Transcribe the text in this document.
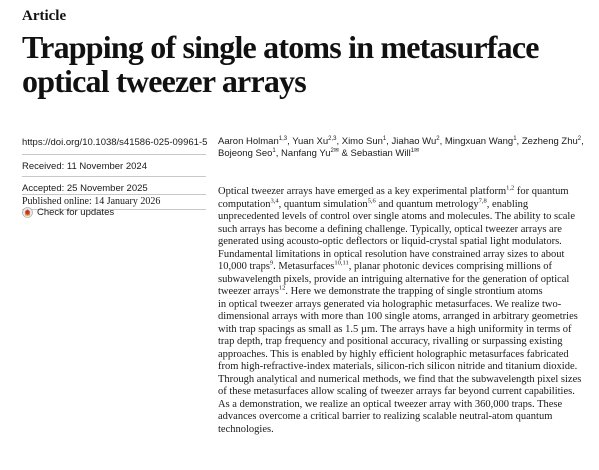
Article
Trapping of single atoms in metasurface
optical tweezer arrays
https://doi.org/10.1038/s41586-025-09961-5
Received: 11 November 2024
Accepted: 25 November 2025
Published online: 14 January 2026
Check for updates
Aaron Holman$^{1,3}$, Yuan Xu$^{2,3}$, Ximo Sun$^1$, Jiahao Wu$^2$, Mingxuan Wang$^1$, Zezheng Zhu$^2$,
Bojeong Seo$^1$, Nanfang $Yu^{2✉}$ & Sebastian Will$^{1✉}$
Optical tweezer arrays have emerged as a key experimental platform$^{1,2}$ for quantum
computation$^{3,4}$, quantum simulation$^{5,6}$ and quantum metrology$^{7,8}$, enabling
unprecedented levels of control over single atoms and molecules. The ability to scale
such arrays has become a defining challenge. Typically, optical tweezer arrays are
generated using acousto-optic deflectors or liquid-crystal spatial light modulators.
Fundamental limitations in optical resolution have constrained array sizes to about
10,000 traps$^9$. Metasurfaces$^{10,11}$, planar photonic devices comprising millions of
subwavelength pixels, provide an intriguing alternative for the generation of optical
tweezer arrays$^{12}$. Here we demonstrate the trapping of single strontium atoms
in optical tweezer arrays generated via holographic metasurfaces. We realize two-
dimensional arrays with more than 100 single atoms, arranged in arbitrary geometries
with trap spacings as small as 1.5 µm. The arrays have a high uniformity in terms of
trap depth, trap frequency and positional accuracy, rivalling or surpassing existing
approaches. This is enabled by highly efficient holographic metasurfaces fabricated
from high-refractive-index materials, silicon-rich silicon nitride and titanium dioxide.
Through analytical and numerical methods, we find that the subwavelength pixel sizes
of these metasurfaces allow scaling of tweezer arrays far beyond current capabilities.
As a demonstration, we realize an optical tweezer array with 360,000 traps. These
advances overcome a critical barrier to realizing scalable neutral-atom quantum
technologies.
